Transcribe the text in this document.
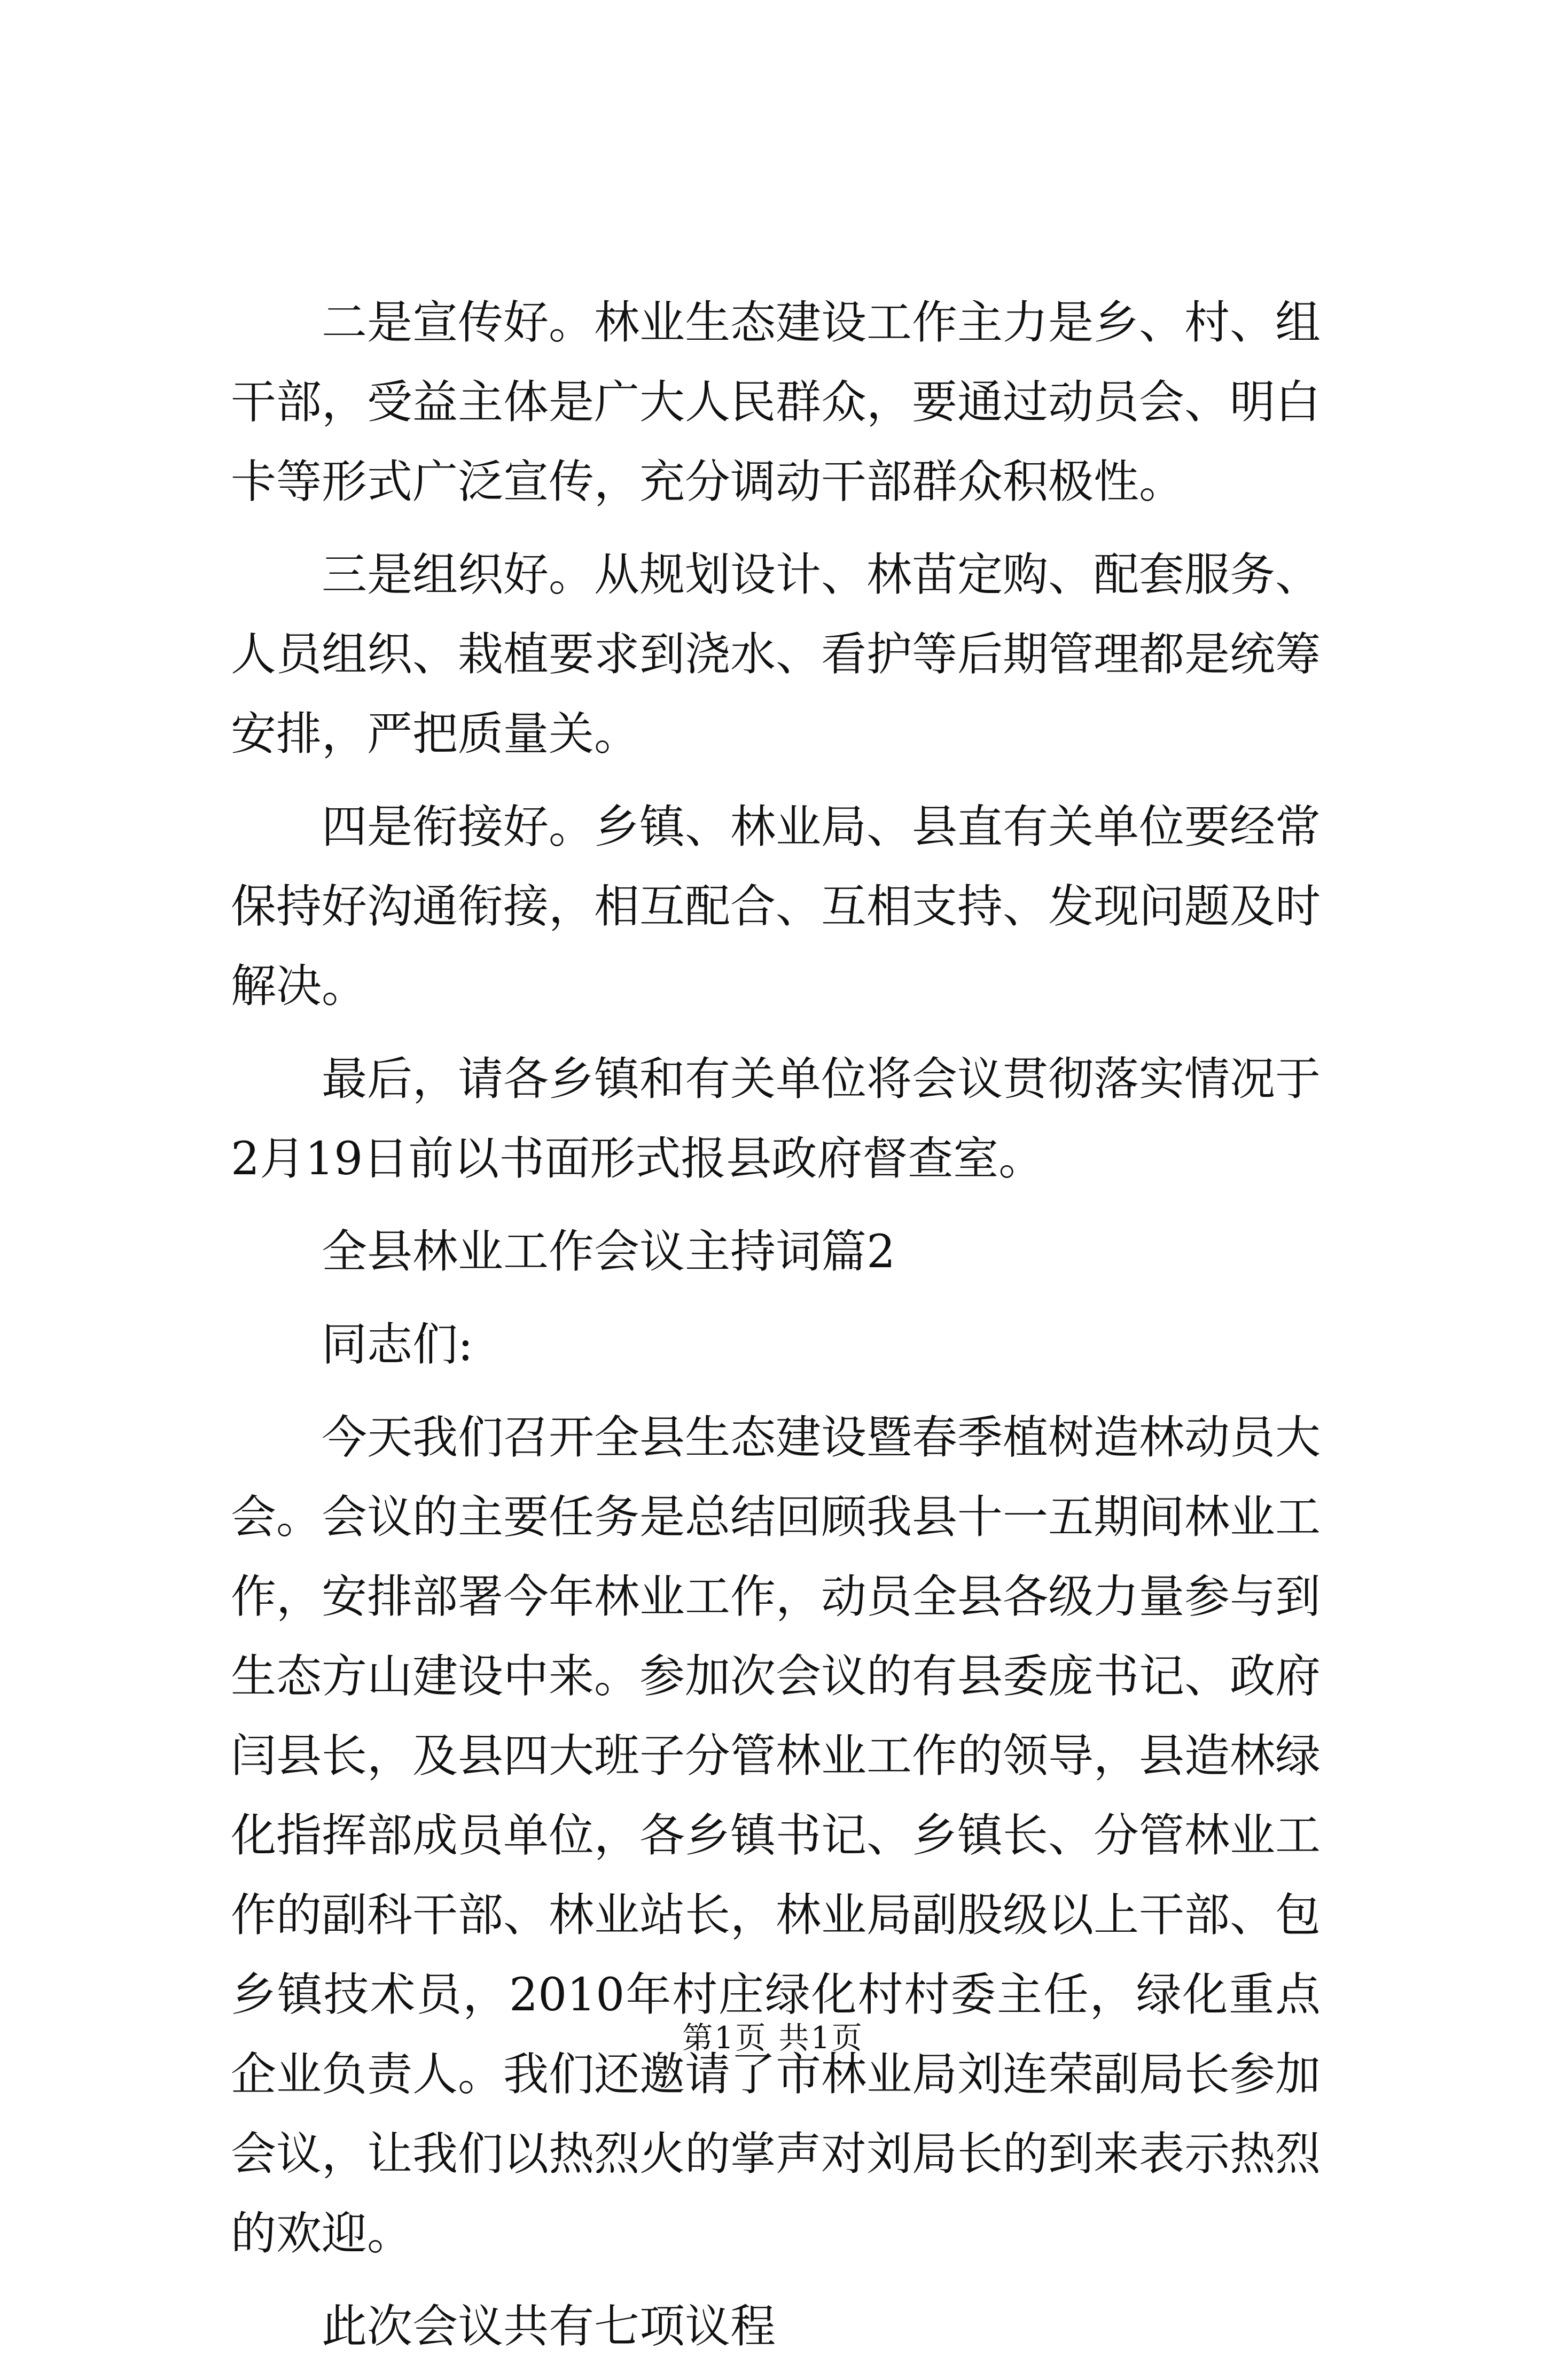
二是宣传好。林业生态建设工作主力是乡、村、组干部，受益主体是广大人民群众，要通过动员会、明白卡等形式广泛宣传，充分调动干部群众积极性。

三是组织好。从规划设计、林苗定购、配套服务、人员组织、栽植要求到浇水、看护等后期管理都是统筹安排，严把质量关。

四是衔接好。乡镇、林业局、县直有关单位要经常保持好沟通衔接，相互配合、互相支持、发现问题及时解决。

最后，请各乡镇和有关单位将会议贯彻落实情况于2月19日前以书面形式报县政府督查室。

全县林业工作会议主持词篇2

同志们:

今天我们召开全县生态建设暨春季植树造林动员大会。会议的主要任务是总结回顾我县十一五期间林业工作，安排部署今年林业工作，动员全县各级力量参与到生态方山建设中来。参加次会议的有县委庞书记、政府闫县长，及县四大班子分管林业工作的领导，县造林绿化指挥部成员单位，各乡镇书记、乡镇长、分管林业工作的副科干部、林业站长，林业局副股级以上干部、包乡镇技术员，2010年村庄绿化村村委主任，绿化重点企业负责人。我们还邀请了市林业局刘连荣副局长参加会议，让我们以热烈火的掌声对刘局长的到来表示热烈的欢迎。

此次会议共有七项议程

第1页 共1页
